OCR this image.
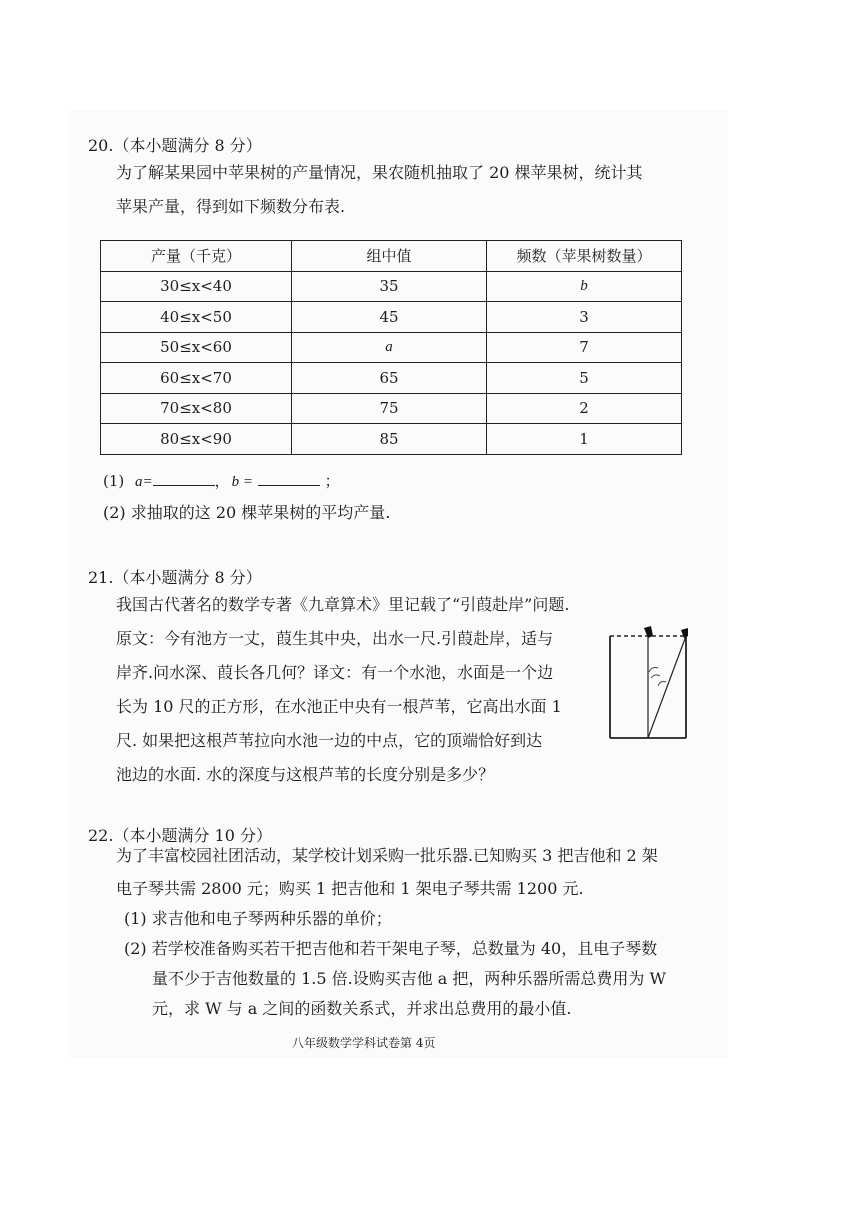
20.（本小题满分 8 分）
为了解某果园中苹果树的产量情况，果农随机抽取了 20 棵苹果树，统计其
苹果产量，得到如下频数分布表.
产量（千克）	组中值	频数（苹果树数量）
30≤x<40	35	b
40≤x<50	45	3
50≤x<60	a	7
60≤x<70	65	5
70≤x<80	75	2
80≤x<90	85	1
(1) a=	， b =	；
(2) 求抽取的这 20 棵苹果树的平均产量.
21.（本小题满分 8 分）
我国古代著名的数学专著《九章算术》里记载了“引葭赴岸”问题.
原文：今有池方一丈，葭生其中央，出水一尺.引葭赴岸，适与
岸齐.问水深、葭长各几何？译文：有一个水池，水面是一个边
长为 10 尺的正方形，在水池正中央有一根芦苇，它高出水面 1
尺. 如果把这根芦苇拉向水池一边的中点，它的顶端恰好到达
池边的水面. 水的深度与这根芦苇的长度分别是多少？
22.（本小题满分 10 分）
为了丰富校园社团活动，某学校计划采购一批乐器.已知购买 3 把吉他和 2 架
电子琴共需 2800 元；购买 1 把吉他和 1 架电子琴共需 1200 元.
(1) 求吉他和电子琴两种乐器的单价；
(2) 若学校准备购买若干把吉他和若干架电子琴，总数量为 40，且电子琴数
量不少于吉他数量的 1.5 倍.设购买吉他 a 把，两种乐器所需总费用为 W
元，求 W 与 a 之间的函数关系式，并求出总费用的最小值.
八年级数学学科试卷第 4页
